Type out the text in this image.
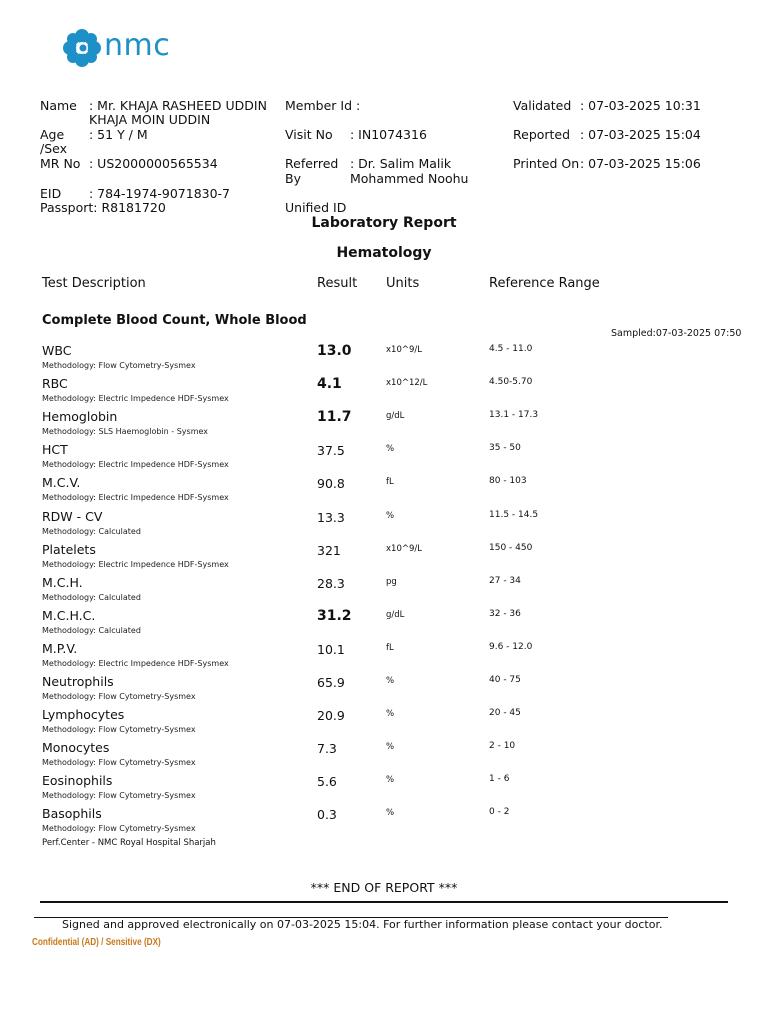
nmc
Name : Mr. KHAJA RASHEED UDDIN
KHAJA MOIN UDDIN
Age
/Sex
: 51 Y / M
MR No : US2000000565534
EID : 784-1974-9071830-7
Passport: R8181720
Member Id :
Visit No : IN1074316
Referred
By
: Dr. Salim Malik
Mohammed Noohu
Unified ID
Validated : 07-03-2025 10:31
Reported : 07-03-2025 15:04
Printed On : 07-03-2025 15:06
Laboratory Report
Hematology
Test Description	Result Units	Reference Range
Complete Blood Count, Whole Blood
Sampled:07-03-2025 07:50
WBC
Methodology: Flow Cytometry-Sysmex
13.0	x10^9/L	4.5 - 11.0
RBC
Methodology: Electric Impedence HDF-Sysmex
4.1	x10^12/L	4.50-5.70
Hemoglobin
Methodology: SLS Haemoglobin - Sysmex
11.7	g/dL	13.1 - 17.3
HCT
Methodology: Electric Impedence HDF-Sysmex
37.5	%	35 - 50
M.C.V.
Methodology: Electric Impedence HDF-Sysmex
90.8	fL	80 - 103
RDW - CV
Methodology: Calculated
13.3	%	11.5 - 14.5
Platelets
Methodology: Electric Impedence HDF-Sysmex
321	x10^9/L	150 - 450
M.C.H.
Methodology: Calculated
28.3	pg	27 - 34
M.C.H.C.
Methodology: Calculated
31.2	g/dL	32 - 36
M.P.V.
Methodology: Electric Impedence HDF-Sysmex
10.1	fL	9.6 - 12.0
Neutrophils
Methodology: Flow Cytometry-Sysmex
65.9	%	40 - 75
Lymphocytes
Methodology: Flow Cytometry-Sysmex
20.9	%	20 - 45
Monocytes
Methodology: Flow Cytometry-Sysmex
7.3	%	2 - 10
Eosinophils
Methodology: Flow Cytometry-Sysmex
5.6	%	1 - 6
Basophils
Methodology: Flow Cytometry-Sysmex
0.3	%	0 - 2
Perf.Center - NMC Royal Hospital Sharjah
*** END OF REPORT ***
Signed and approved electronically on 07-03-2025 15:04. For further information please contact your doctor.
Confidential (AD) / Sensitive (DX)
